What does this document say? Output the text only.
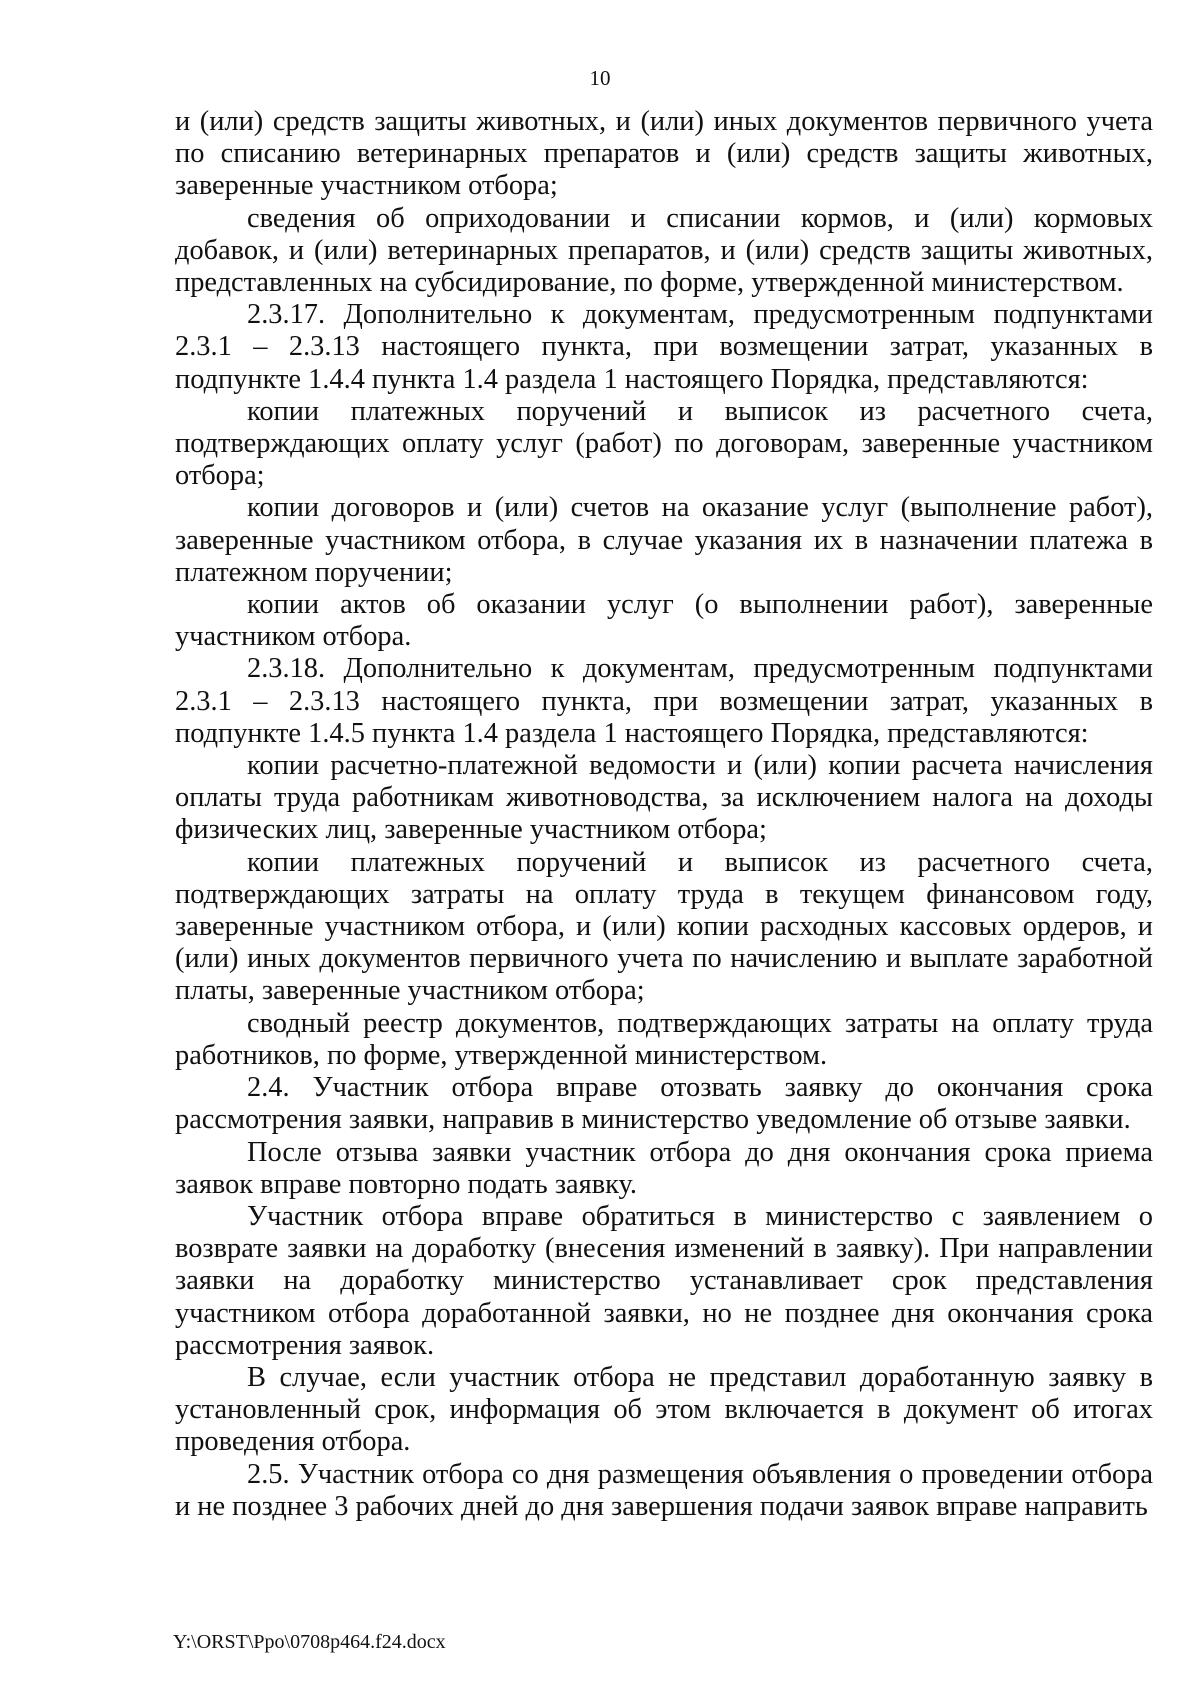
10

и (или) средств защиты животных, и (или) иных документов первичного учета по списанию ветеринарных препаратов и (или) средств защиты животных, заверенные участником отбора;

сведения об оприходовании и списании кормов, и (или) кормовых добавок, и (или) ветеринарных препаратов, и (или) средств защиты животных, представленных на субсидирование, по форме, утвержденной министерством.

2.3.17. Дополнительно к документам, предусмотренным подпунктами 2.3.1 – 2.3.13 настоящего пункта, при возмещении затрат, указанных в подпункте 1.4.4 пункта 1.4 раздела 1 настоящего Порядка, представляются:

копии платежных поручений и выписок из расчетного счета, подтверждающих оплату услуг (работ) по договорам, заверенные участником отбора;

копии договоров и (или) счетов на оказание услуг (выполнение работ), заверенные участником отбора, в случае указания их в назначении платежа в платежном поручении;

копии актов об оказании услуг (о выполнении работ), заверенные участником отбора.

2.3.18. Дополнительно к документам, предусмотренным подпунктами 2.3.1 – 2.3.13 настоящего пункта, при возмещении затрат, указанных в подпункте 1.4.5 пункта 1.4 раздела 1 настоящего Порядка, представляются:

копии расчетно-платежной ведомости и (или) копии расчета начисления оплаты труда работникам животноводства, за исключением налога на доходы физических лиц, заверенные участником отбора;

копии платежных поручений и выписок из расчетного счета, подтверждающих затраты на оплату труда в текущем финансовом году, заверенные участником отбора, и (или) копии расходных кассовых ордеров, и (или) иных документов первичного учета по начислению и выплате заработной платы, заверенные участником отбора;

сводный реестр документов, подтверждающих затраты на оплату труда работников, по форме, утвержденной министерством.

2.4. Участник отбора вправе отозвать заявку до окончания срока рассмотрения заявки, направив в министерство уведомление об отзыве заявки.

После отзыва заявки участник отбора до дня окончания срока приема заявок вправе повторно подать заявку.

Участник отбора вправе обратиться в министерство с заявлением о возврате заявки на доработку (внесения изменений в заявку). При направлении заявки на доработку министерство устанавливает срок представления участником отбора доработанной заявки, но не позднее дня окончания срока рассмотрения заявок.

В случае, если участник отбора не представил доработанную заявку в установленный срок, информация об этом включается в документ об итогах проведения отбора.

2.5. Участник отбора со дня размещения объявления о проведении отбора и не позднее 3 рабочих дней до дня завершения подачи заявок вправе направить

Y:\ORST\Ppo\0708p464.f24.docx
